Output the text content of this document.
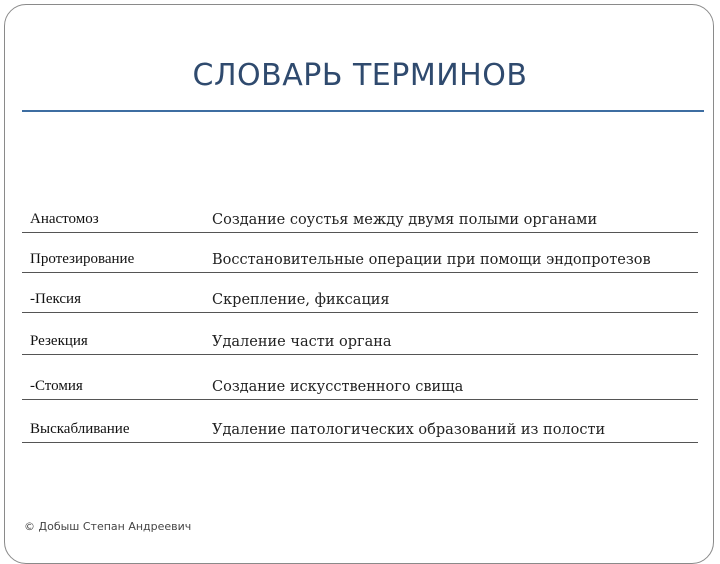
СЛОВАРЬ ТЕРМИНОВ
Анастомоз	Создание соустья между двумя полыми органами
Протезирование	Восстановительные операции при помощи эндопротезов
-Пексия	Скрепление, фиксация
Резекция	Удаление части органа
-Стомия	Создание искусственного свища
Выскабливание	Удаление патологических образований из полости
© Добыш Степан Андреевич
